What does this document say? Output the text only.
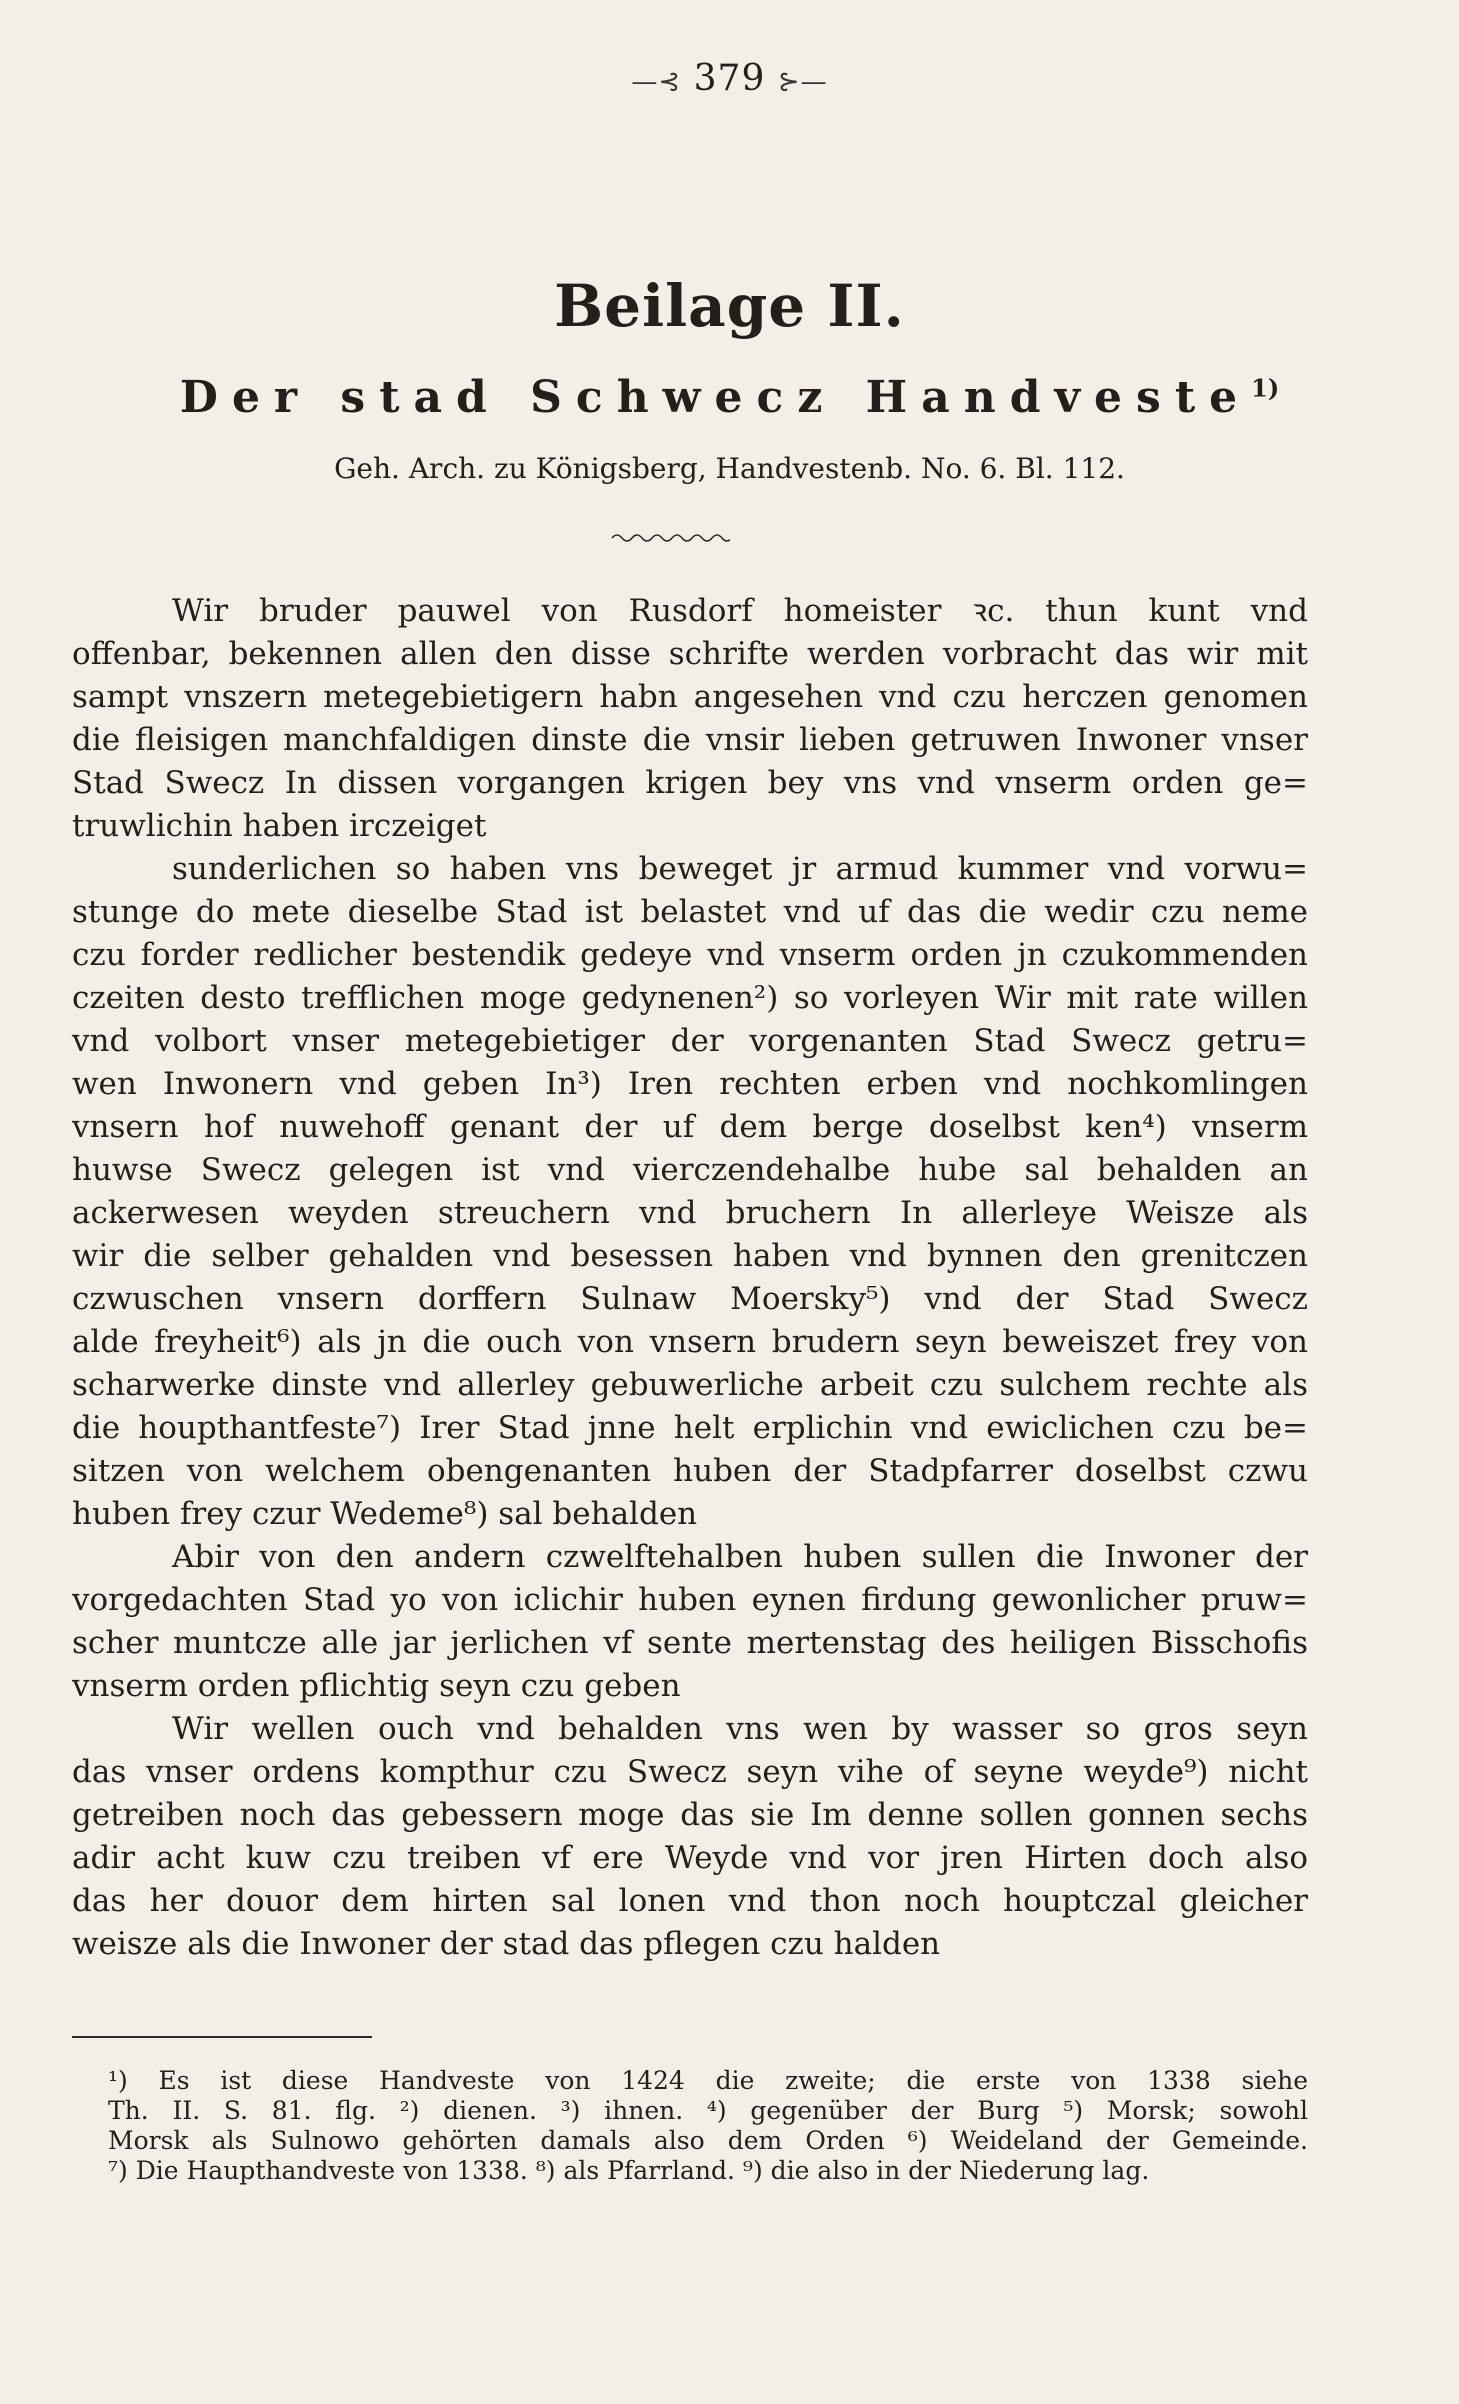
—⊰ 379 ⊱—
Beilage II.
Der stad Schwecz Handveste$^{1)}$
Geh. Arch. zu Königsberg, Handvestenb. No. 6. Bl. 112.
Wir bruder pauwel von Rusdorf homeister ꝛc. thun kunt vnd
offenbar, bekennen allen den disse schrifte werden vorbracht das wir mit
sampt vnszern metegebietigern habn angesehen vnd czu herczen genomen
die fleisigen manchfaldigen dinste die vnsir lieben getruwen Inwoner vnser
Stad Swecz In dissen vorgangen krigen bey vns vnd vnserm orden ge=
truwlichin haben irczeiget
sunderlichen so haben vns beweget jr armud kummer vnd vorwu=
stunge do mete dieselbe Stad ist belastet vnd uf das die wedir czu neme
czu forder redlicher bestendik gedeye vnd vnserm orden jn czukommenden
czeiten desto trefflichen moge gedynenen²) so vorleyen Wir mit rate willen
vnd volbort vnser metegebietiger der vorgenanten Stad Swecz getru=
wen Inwonern vnd geben In³) Iren rechten erben vnd nochkomlingen
vnsern hof nuwehoff genant der uf dem berge doselbst ken⁴) vnserm
huwse Swecz gelegen ist vnd vierczendehalbe hube sal behalden an
ackerwesen weyden streuchern vnd bruchern In allerleye Weisze als
wir die selber gehalden vnd besessen haben vnd bynnen den grenitczen
czwuschen vnsern dorffern Sulnaw Moersky⁵) vnd der Stad Swecz
alde freyheit⁶) als jn die ouch von vnsern brudern seyn beweiszet frey von
scharwerke dinste vnd allerley gebuwerliche arbeit czu sulchem rechte als
die houpthantfeste⁷) Irer Stad jnne helt erplichin vnd ewiclichen czu be=
sitzen von welchem obengenanten huben der Stadpfarrer doselbst czwu
huben frey czur Wedeme⁸) sal behalden
Abir von den andern czwelftehalben huben sullen die Inwoner der
vorgedachten Stad yo von iclichir huben eynen firdung gewonlicher pruw=
scher muntcze alle jar jerlichen vf sente mertenstag des heiligen Bisschofis
vnserm orden pflichtig seyn czu geben
Wir wellen ouch vnd behalden vns wen by wasser so gros seyn
das vnser ordens kompthur czu Swecz seyn vihe of seyne weyde⁹) nicht
getreiben noch das gebessern moge das sie Im denne sollen gonnen sechs
adir acht kuw czu treiben vf ere Weyde vnd vor jren Hirten doch also
das her douor dem hirten sal lonen vnd thon noch houptczal gleicher
weisze als die Inwoner der stad das pflegen czu halden
¹) Es ist diese Handveste von 1424 die zweite; die erste von 1338 siehe
Th. II. S. 81. flg. ²) dienen. ³) ihnen. ⁴) gegenüber der Burg ⁵) Morsk; sowohl
Morsk als Sulnowo gehörten damals also dem Orden ⁶) Weideland der Gemeinde.
⁷) Die Haupthandveste von 1338. ⁸) als Pfarrland. ⁹) die also in der Niederung lag.
